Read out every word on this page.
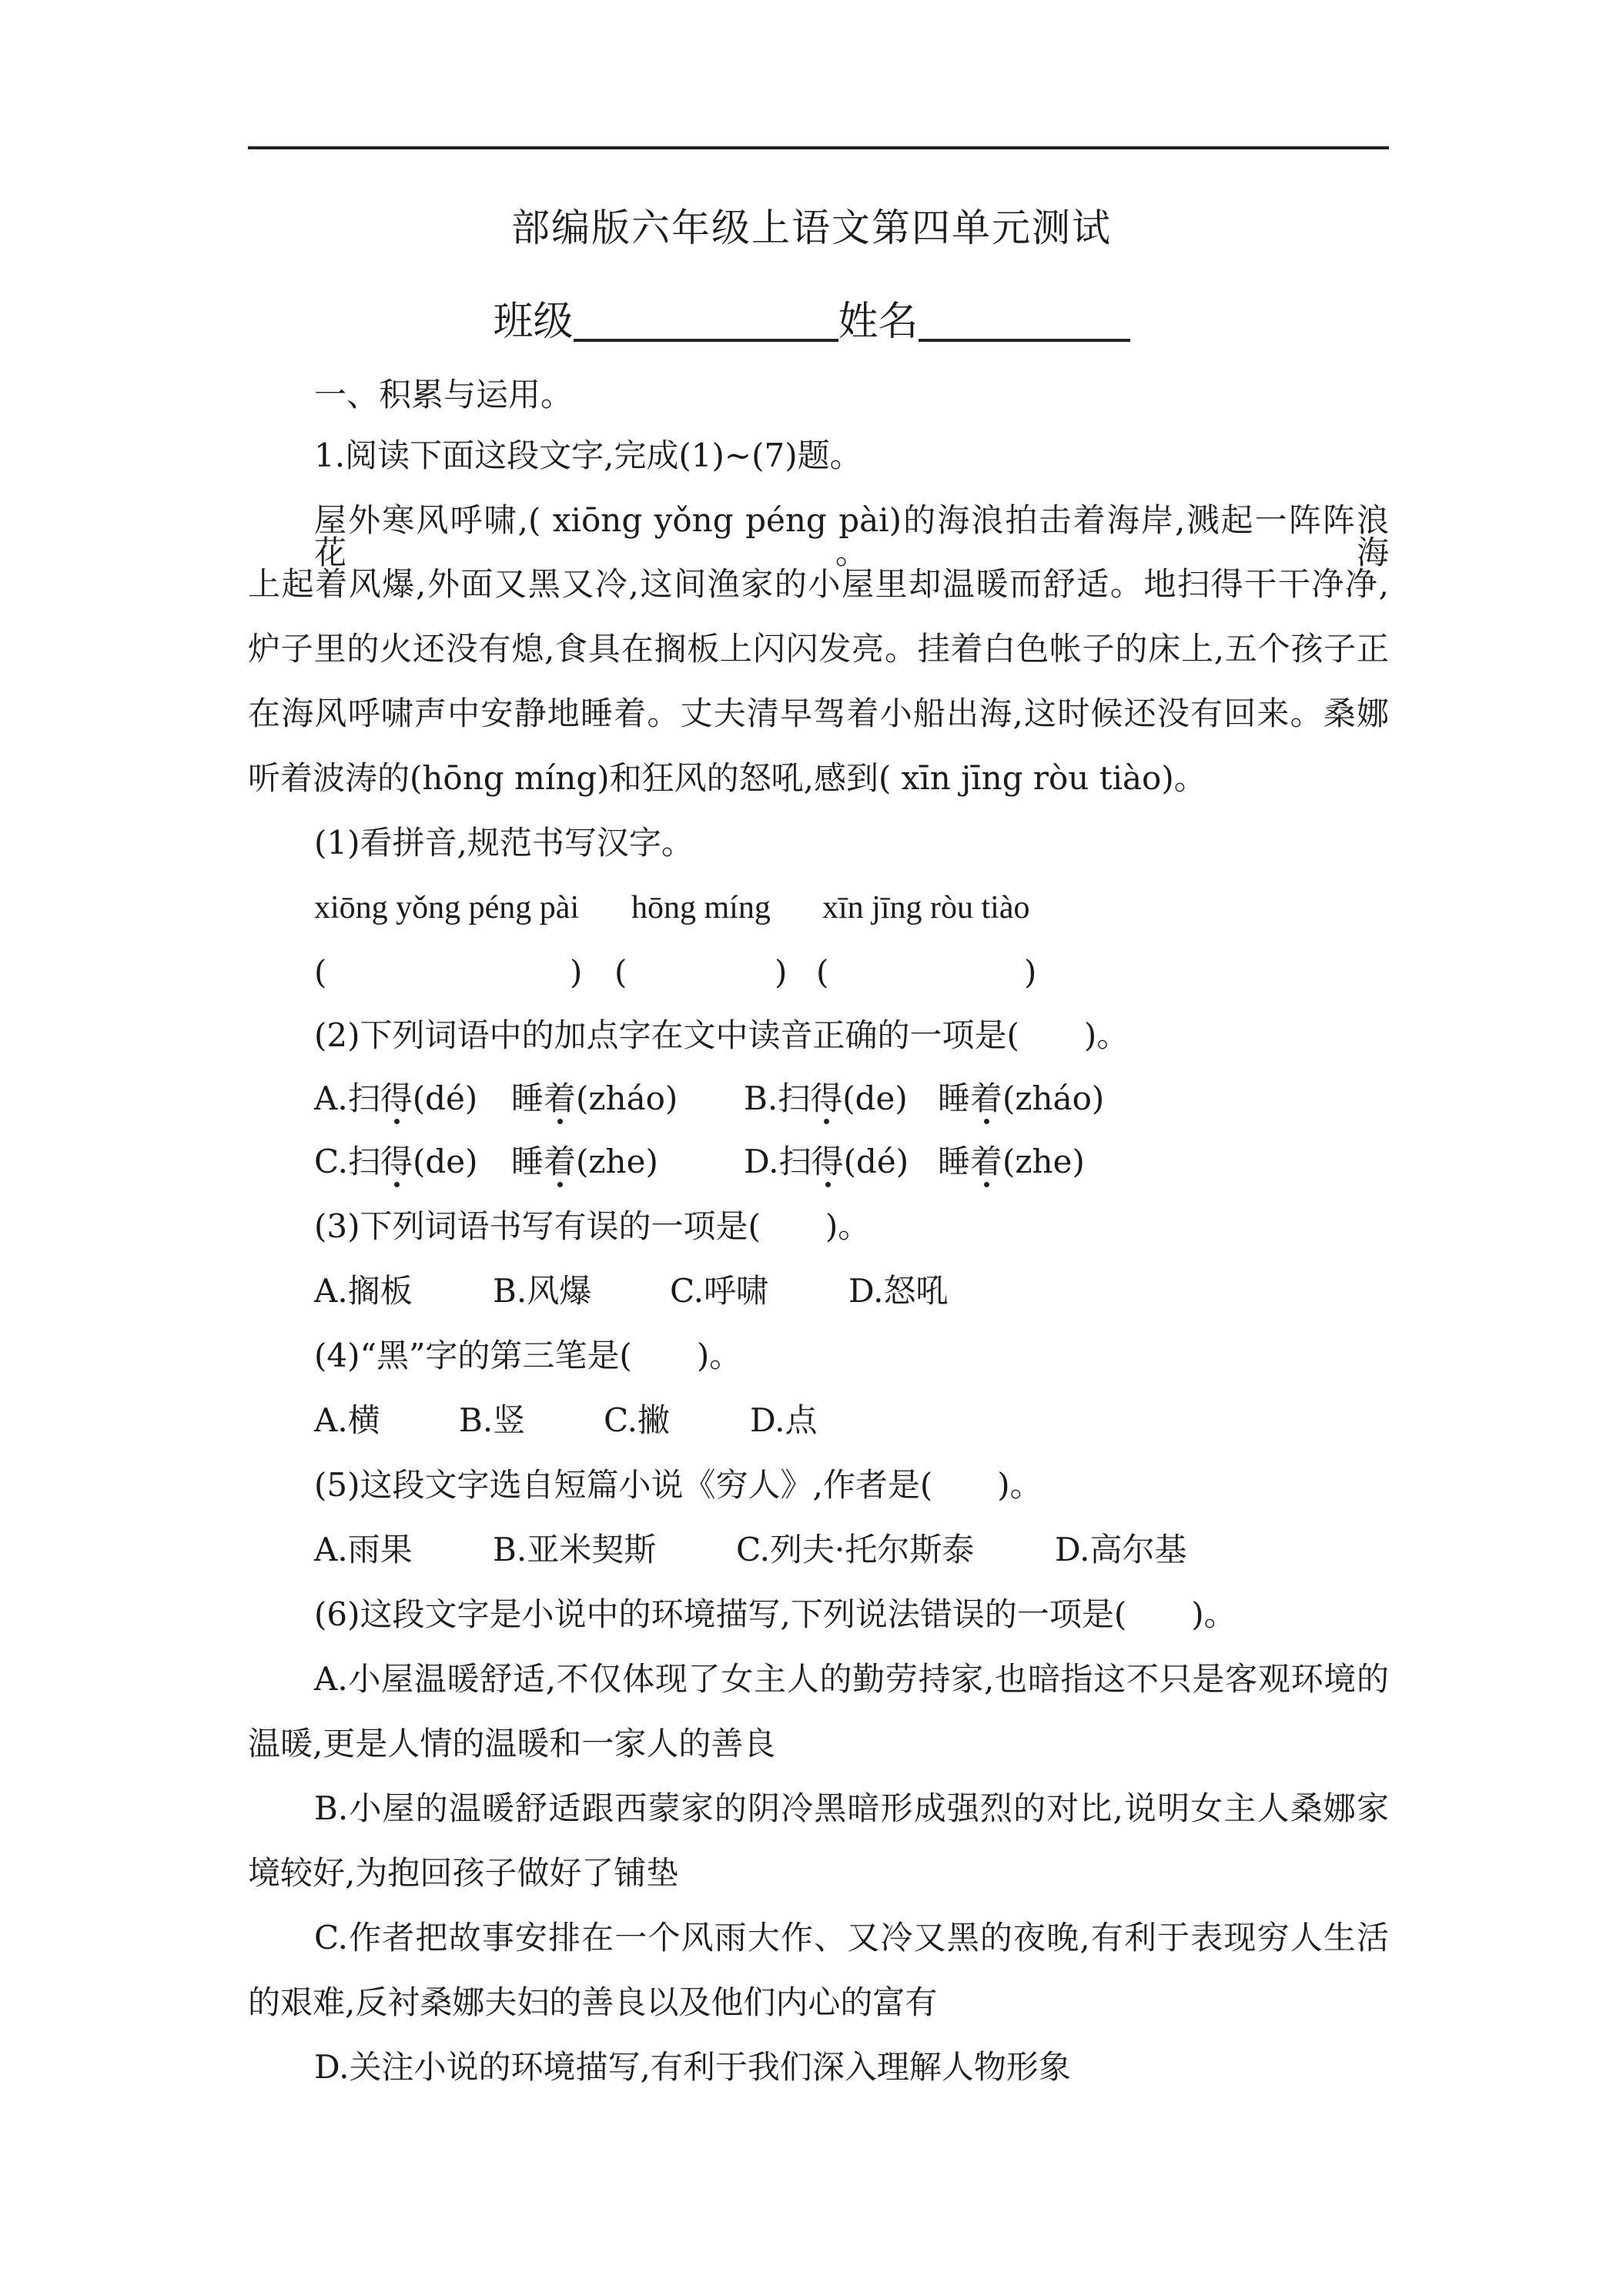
部编版六年级上语文第四单元测试
班级	姓名
一、积累与运用。
1.阅读下面这段文字,完成(1)~(7)题。
屋外寒风呼啸,( xiōng yǒng péng pài)的海浪拍击着海岸,溅起一阵阵浪花。海
上起着风爆,外面又黑又冷,这间渔家的小屋里却温暖而舒适。地扫得干干净净,
炉子里的火还没有熄,食具在搁板上闪闪发亮。挂着白色帐子的床上,五个孩子正
在海风呼啸声中安静地睡着。丈夫清早驾着小船出海,这时候还没有回来。桑娜
听着波涛的(hōng míng)和狂风的怒吼,感到( xīn jīng ròu tiào)。
(1)看拼音,规范书写汉字。
xiōng yǒng péng pài hōng míng xīn jīng ròu tiào
(	) (	) (	)
(2)下列词语中的加点字在文中读音正确的一项是(　　)。
A.扫得(dé) 睡着(zháo) B.扫得(de) 睡着(zháo)
C.扫得(de) 睡着(zhe)	D.扫得(dé) 睡着(zhe)
(3)下列词语书写有误的一项是(　　)。
A.搁板 B.风爆 C.呼啸 D.怒吼
(4)“黑”字的第三笔是(　　)。
A.横 B.竖 C.撇 D.点
(5)这段文字选自短篇小说《穷人》,作者是(　　)。
A.雨果 B.亚米契斯 C.列夫·托尔斯泰 D.高尔基
(6)这段文字是小说中的环境描写,下列说法错误的一项是(　　)。
A.小屋温暖舒适,不仅体现了女主人的勤劳持家,也暗指这不只是客观环境的
温暖,更是人情的温暖和一家人的善良
B.小屋的温暖舒适跟西蒙家的阴冷黑暗形成强烈的对比,说明女主人桑娜家
境较好,为抱回孩子做好了铺垫
C.作者把故事安排在一个风雨大作、又冷又黑的夜晚,有利于表现穷人生活
的艰难,反衬桑娜夫妇的善良以及他们内心的富有
D.关注小说的环境描写,有利于我们深入理解人物形象
